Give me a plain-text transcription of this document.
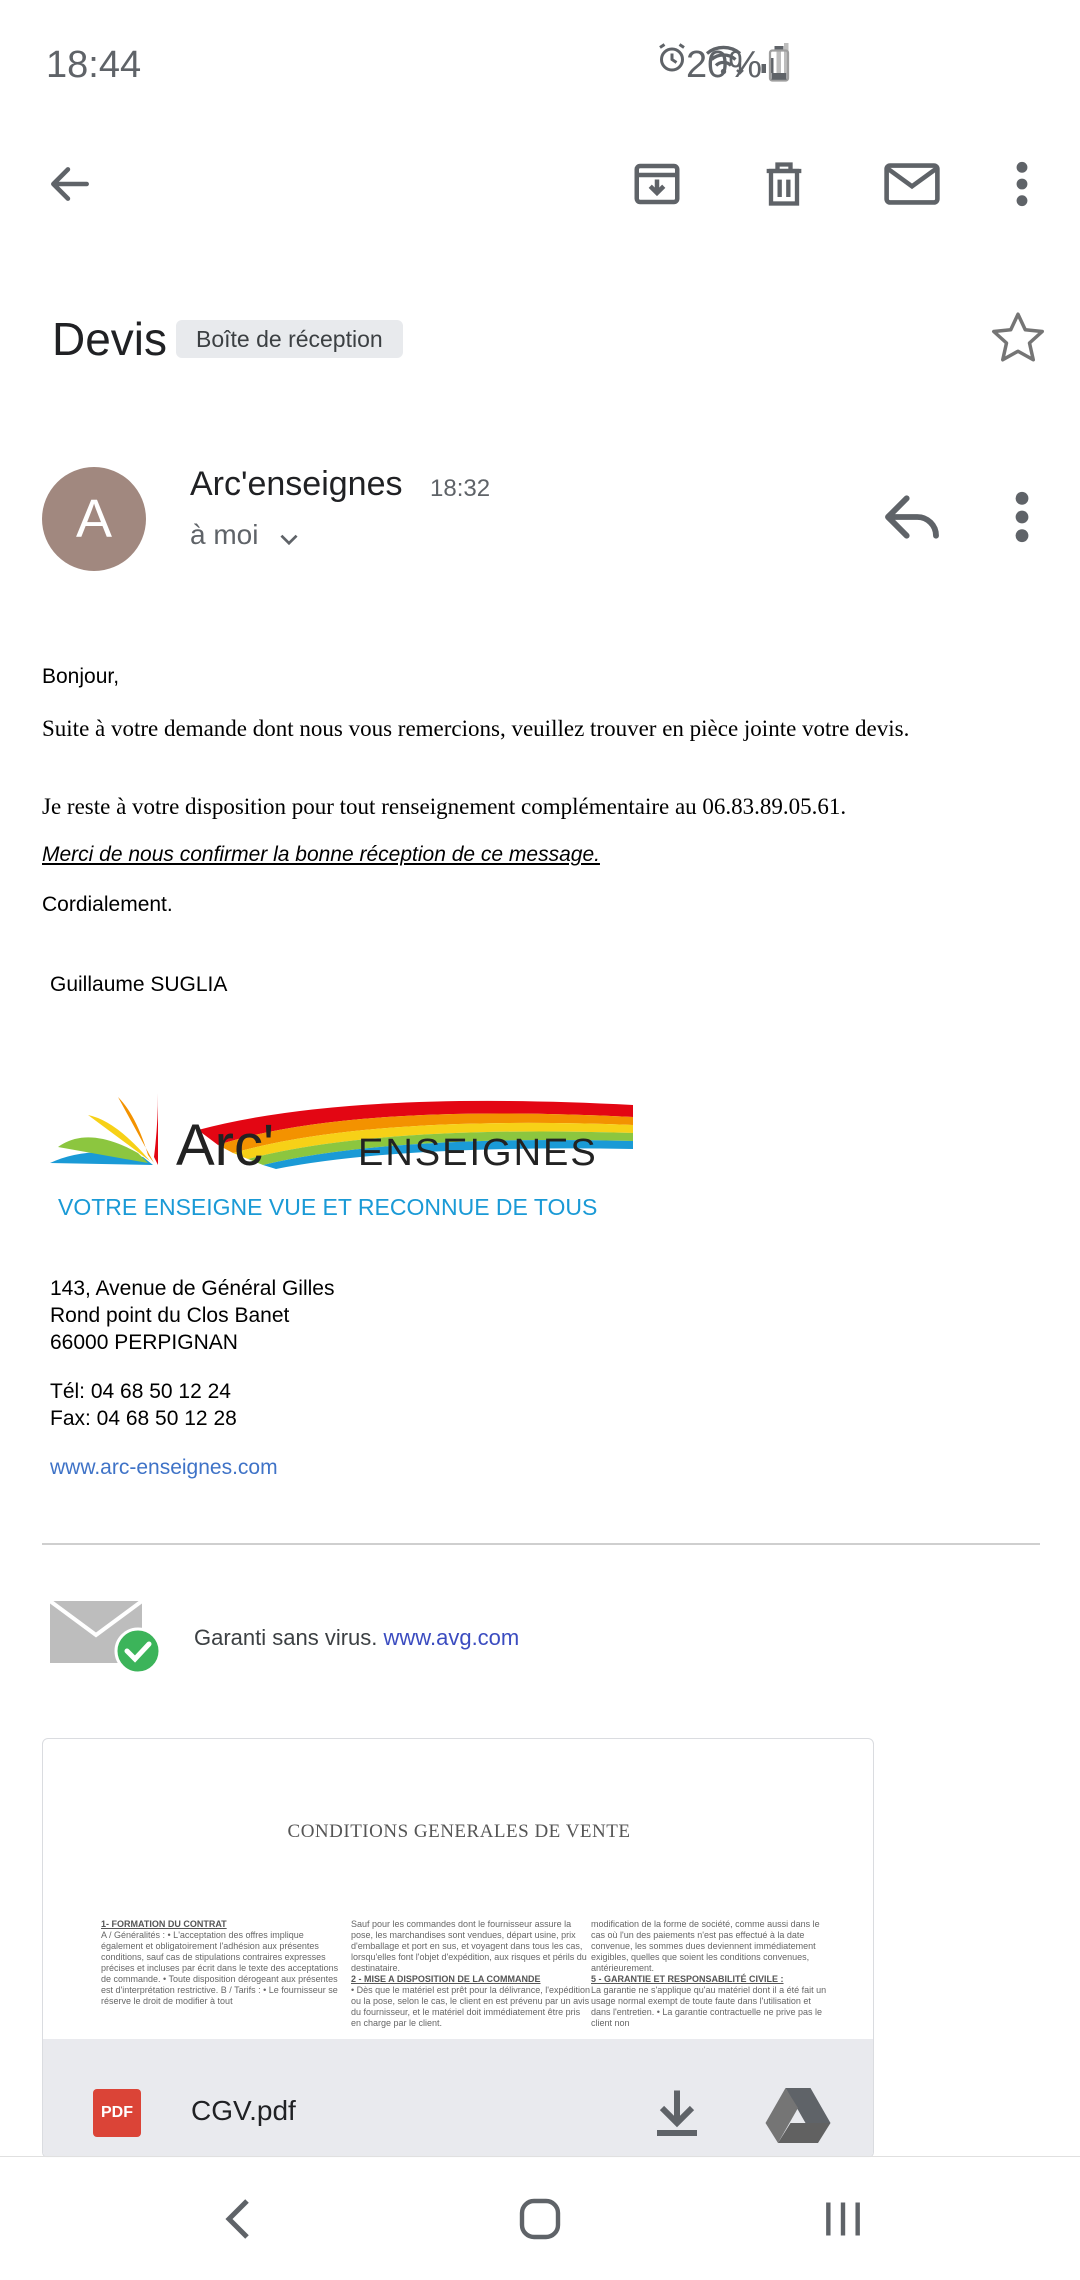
18:44	20%
Devis	Boîte de réception
A
Arc'enseignes 18:32
à moi

Bonjour,

Suite à votre demande dont nous vous remercions, veuillez trouver en pièce jointe votre devis.

Je reste à votre disposition pour tout renseignement complémentaire au 06.83.89.05.61.

Merci de nous confirmer la bonne réception de ce message.

Cordialement.

Guillaume SUGLIA

Arc' ENSEIGNES
VOTRE ENSEIGNE VUE ET RECONNUE DE TOUS
143, Avenue de Général Gilles
Rond point du Clos Banet
66000 PERPIGNAN
Tél: 04 68 50 12 24
Fax: 04 68 50 12 28
www.arc-enseignes.com
Garanti sans virus. www.avg.com
CONDITIONS GENERALES DE VENTE
1- FORMATION DU CONTRAT
A / Généralités : • L'acceptation des offres implique également et obligatoirement l'adhésion aux présentes conditions, sauf cas de stipulations contraires expresses précises et incluses par écrit dans le texte des acceptations de commande. • Toute disposition dérogeant aux présentes est d'interprétation restrictive. B / Tarifs : • Le fournisseur se réserve le droit de modifier à tout
Sauf pour les commandes dont le fournisseur assure la pose, les marchandises sont vendues, départ usine, prix d'emballage et port en sus, et voyagent dans tous les cas, lorsqu'elles font l'objet d'expédition, aux risques et périls du destinataire.
2 - MISE A DISPOSITION DE LA COMMANDE
• Dès que le matériel est prêt pour la délivrance, l'expédition ou la pose, selon le cas, le client en est prévenu par un avis du fournisseur, et le matériel doit immédiatement être pris en charge par le client.
modification de la forme de société, comme aussi dans le cas où l'un des paiements n'est pas effectué à la date convenue, les sommes dues deviennent immédiatement exigibles, quelles que soient les conditions convenues, antérieurement.
5 - GARANTIE ET RESPONSABILITÉ CIVILE :
La garantie ne s'applique qu'au matériel dont il a été fait un usage normal exempt de toute faute dans l'utilisation et dans l'entretien. • La garantie contractuelle ne prive pas le client non
PDF CGV.pdf
